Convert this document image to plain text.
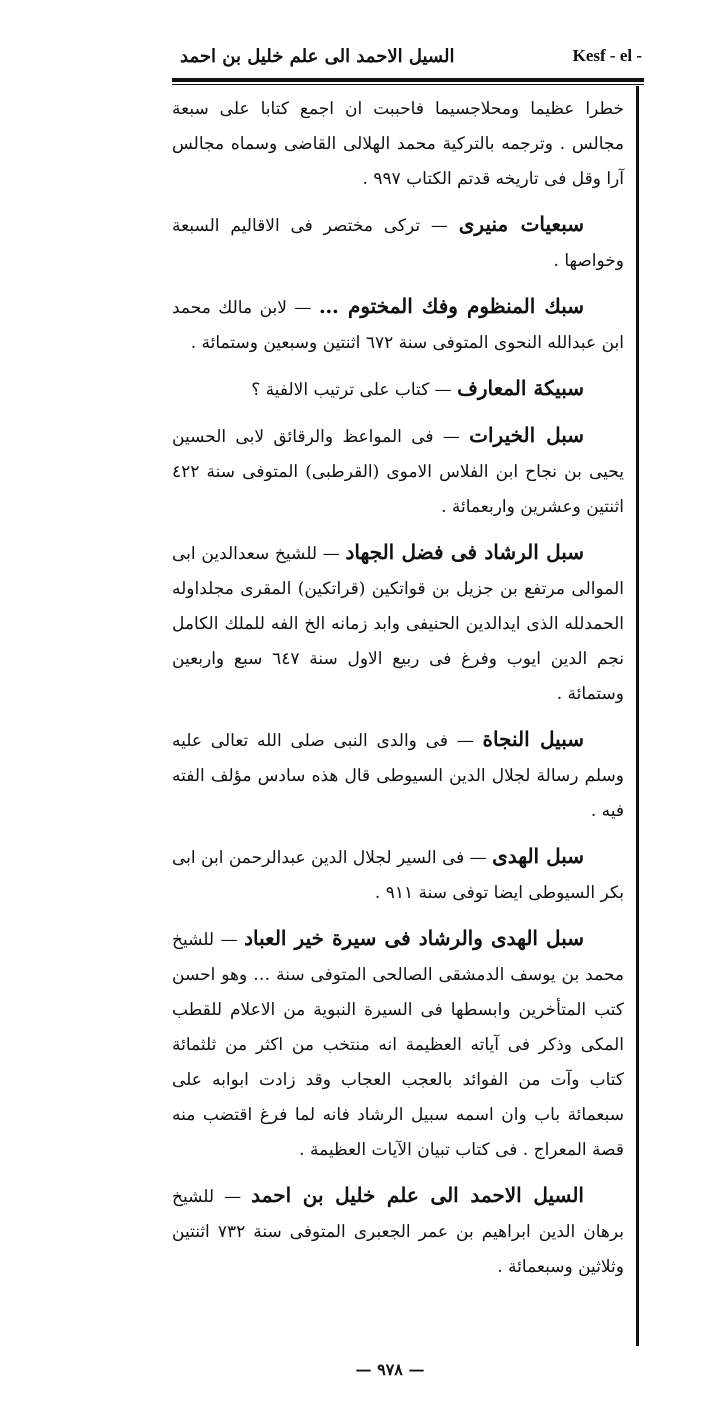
السيل الاحمد الى علم خليل بن احمد	Kesf - el -

خطرا عظيما ومحلاجسيما فاحببت ان اجمع كتابا على سبعة مجالس . وترجمه بالتركية محمد الهلالى القاضى وسماه مجالس آرا وقل فى تاريخه قدتم الكتاب ٩٩٧ .

سبعيات منيرى — تركى مختصر فى الاقاليم السبعة وخواصها .

سبك المنظوم وفك المختوم … — لابن مالك محمد ابن عبدالله النحوى المتوفى سنة ٦٧٢ اثنتين وسبعين وستمائة .

سبيكة المعارف — كتاب على ترتيب الالفية ؟

سبل الخيرات — فى المواعظ والرقائق لابى الحسين يحيى بن نجاح ابن الفلاس الاموى (القرطبى) المتوفى سنة ٤٢٢ اثنتين وعشرين واربعمائة .

سبل الرشاد فى فضل الجهاد — للشيخ سعدالدين ابى الموالى مرتفع بن جزيل بن قواتكين (قراتكين) المقرى مجلداوله الحمدلله الذى ايدالدين الحنيفى وابد زمانه الخ الفه للملك الكامل نجم الدين ايوب وفرغ فى ربيع الاول سنة ٦٤٧ سبع واربعين وستمائة .

سبيل النجاة — فى والدى النبى صلى الله تعالى عليه وسلم رسالة لجلال الدين السيوطى قال هذه سادس مؤلف الفته فيه .

سبل الهدى — فى السير لجلال الدين عبدالرحمن ابن ابى بكر السيوطى ايضا توفى سنة ٩١١ .

سبل الهدى والرشاد فى سيرة خير العباد — للشيخ محمد بن يوسف الدمشقى الصالحى المتوفى سنة … وهو احسن كتب المتأخرين وابسطها فى السيرة النبوية من الاعلام للقطب المكى وذكر فى آياته العظيمة انه منتخب من اكثر من ثلثمائة كتاب وآت من الفوائد بالعجب العجاب وقد زادت ابوابه على سبعمائة باب وان اسمه سبيل الرشاد فانه لما فرغ اقتضب منه قصة المعراج . فى كتاب تبيان الآيات العظيمة .

السيل الاحمد الى علم خليل بن احمد — للشيخ برهان الدين ابراهيم بن عمر الجعبرى المتوفى سنة ٧٣٢ اثنتين وثلاثين وسبعمائة .

— ٩٧٨ —
